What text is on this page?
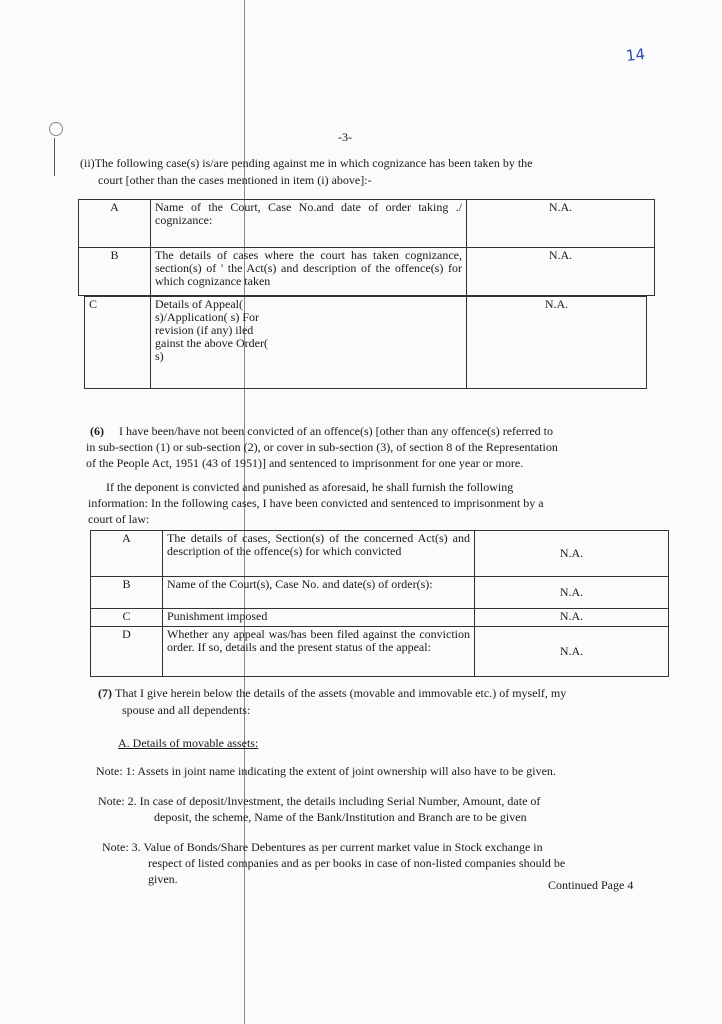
14
-3-
(ii)The following case(s) is/are pending against me in which cognizance has been taken by the
court [other than the cases mentioned in item (i) above]:-
A	Name of the Court, Case No.and date of order taking ./ cognizance:	N.A.
B	The details of cases where the court has taken cognizance, section(s) of ' the Act(s) and description of the offence(s) for which cognizance taken	N.A.
C	Details of Appeal( s)/Application( s) For revision (if any) iled gainst the above Order( s)	N.A.
(6) I have been/have not been convicted of an offence(s) [other than any offence(s) referred to
in sub-section (1) or sub-section (2), or cover in sub-section (3), of section 8 of the Representation
of the People Act, 1951 (43 of 1951)] and sentenced to imprisonment for one year or more.
If the deponent is convicted and punished as aforesaid, he shall furnish the following
information: In the following cases, I have been convicted and sentenced to imprisonment by a
court of law:
A	The details of cases, Section(s) of the concerned Act(s) and description of the offence(s) for which convicted	N.A.
B	Name of the Court(s), Case No. and date(s) of order(s):	N.A.
C	Punishment imposed	N.A.
D	Whether any appeal was/has been filed against the conviction order. If so, details and the present status of the appeal:	N.A.
(7) That I give herein below the details of the assets (movable and immovable etc.) of myself, my
spouse and all dependents:
A. Details of movable assets:
Note: 1: Assets in joint name indicating the extent of joint ownership will also have to be given.
Note: 2. In case of deposit/Investment, the details including Serial Number, Amount, date of
deposit, the scheme, Name of the Bank/Institution and Branch are to be given
Note: 3. Value of Bonds/Share Debentures as per current market value in Stock exchange in
respect of listed companies and as per books in case of non-listed companies should be
given.	Continued Page 4
